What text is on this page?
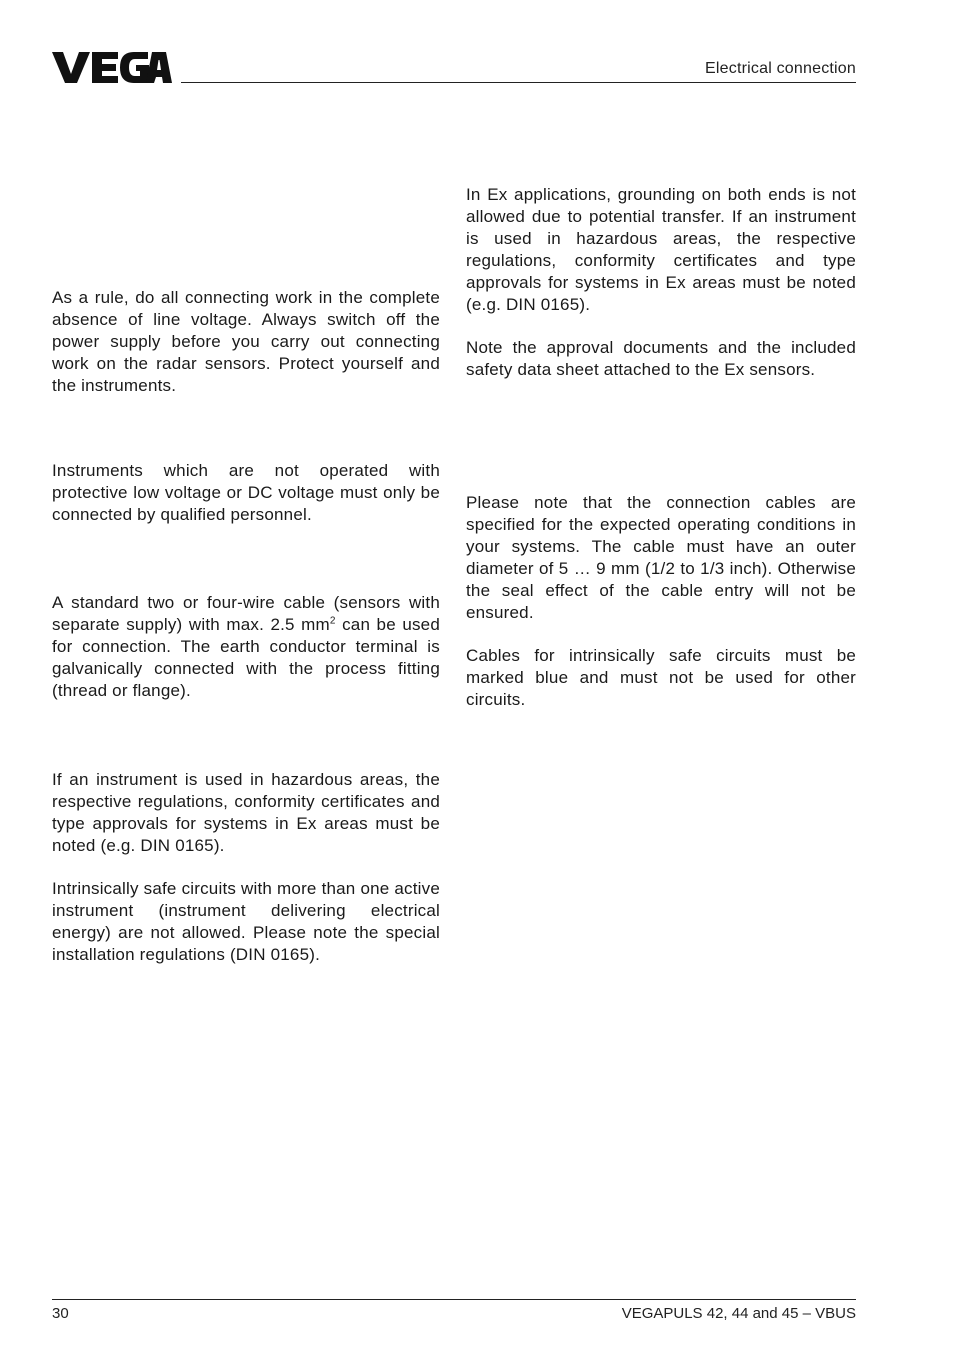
Electrical connection

As a rule, do all connecting work in the complete absence of line voltage. Always switch off the power supply before you carry out connecting work on the radar sensors. Protect yourself and the instruments.

Instruments which are not operated with protective low voltage or DC voltage must only be connected by qualified personnel.

A standard two or four-wire cable (sensors with separate supply) with max. 2.5 $mm^2$ can be used for connection. The earth conductor terminal is galvanically connected with the process fitting (thread or flange).

If an instrument is used in hazardous areas, the respective regulations, conformity certificates and type approvals for systems in Ex areas must be noted (e.g. DIN 0165).

Intrinsically safe circuits with more than one active instrument (instrument delivering electrical energy) are not allowed. Please note the special installation regulations (DIN 0165).

In Ex applications, grounding on both ends is not allowed due to potential transfer. If an instrument is used in hazardous areas, the respective regulations, conformity certificates and type approvals for systems in Ex areas must be noted (e.g. DIN 0165).

Note the approval documents and the included safety data sheet attached to the Ex sensors.

Please note that the connection cables are specified for the expected operating conditions in your systems. The cable must have an outer diameter of 5 … 9 mm (1/2 to 1/3 inch). Otherwise the seal effect of the cable entry will not be ensured.

Cables for intrinsically safe circuits must be marked blue and must not be used for other circuits.

30	VEGAPULS 42, 44 and 45 – VBUS
